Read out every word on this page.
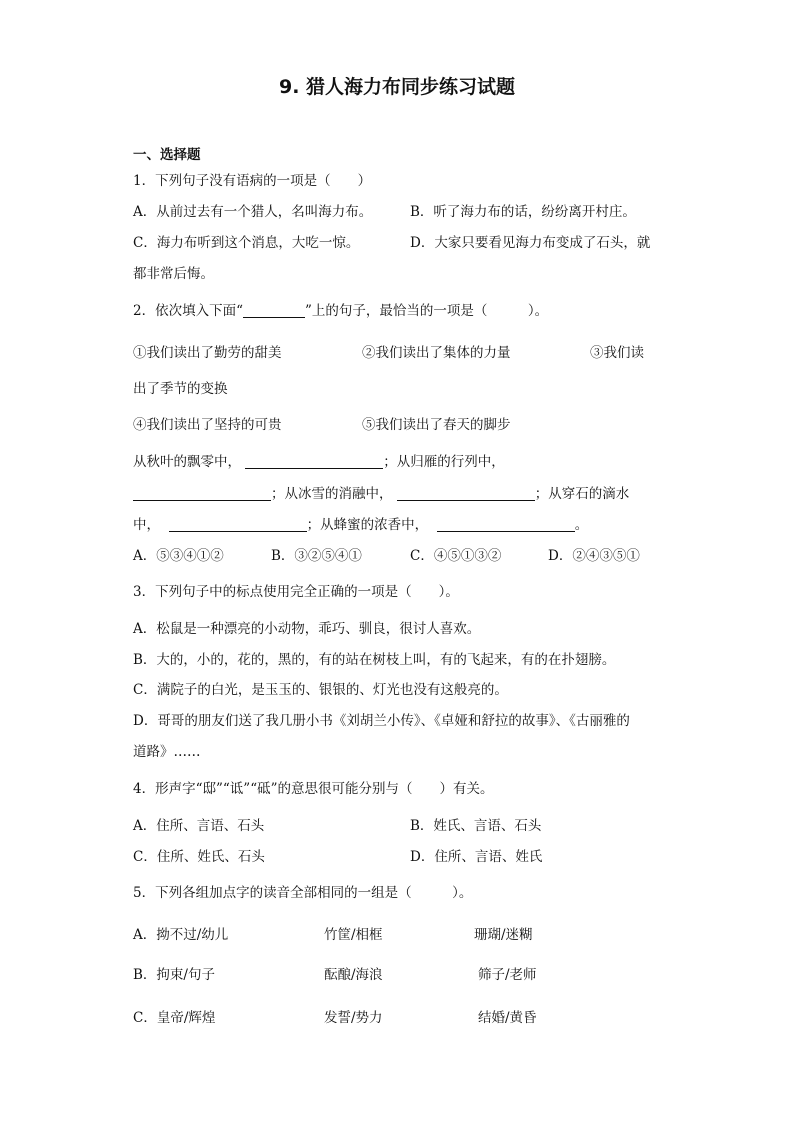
9. 猎人海力布同步练习试题
一、选择题
1．下列句子没有语病的一项是（　　）
A．从前过去有一个猎人，名叫海力布。	B．听了海力布的话，纷纷离开村庄。
C．海力布听到这个消息，大吃一惊。	D．大家只要看见海力布变成了石头，就
都非常后悔。
2．依次填入下面“	”上的句子，最恰当的一项是（　　　）。
①我们读出了勤劳的甜美	②我们读出了集体的力量	③我们读
出了季节的变换
④我们读出了坚持的可贵	⑤我们读出了春天的脚步
从秋叶的飘零中，	；从归雁的行列中，
；从冰雪的消融中，	；从穿石的滴水
中，	；从蜂蜜的浓香中，	。
A．⑤③④①②	B．③②⑤④①	C．④⑤①③②	D．②④③⑤①
3．下列句子中的标点使用完全正确的一项是（　　）。
A．松鼠是一种漂亮的小动物，乖巧、驯良，很讨人喜欢。
B．大的，小的，花的，黑的，有的站在树枝上叫，有的飞起来，有的在扑翅膀。
C．满院子的白光，是玉玉的、银银的、灯光也没有这般亮的。
D．哥哥的朋友们送了我几册小书《刘胡兰小传》、《卓娅和舒拉的故事》、《古丽雅的
道路》……
4．形声字“邸”“诋”“砥”的意思很可能分别与（　　）有关。
A．住所、言语、石头	B．姓氏、言语、石头
C．住所、姓氏、石头	D．住所、言语、姓氏
5．下列各组加点字的读音全部相同的一组是（　　　）。
A．拗不过/幼儿	竹筐/相框	珊瑚/迷糊
B．拘束/句子	酝酿/海浪	筛子/老师
C．皇帝/辉煌	发誓/势力	结婚/黄昏
